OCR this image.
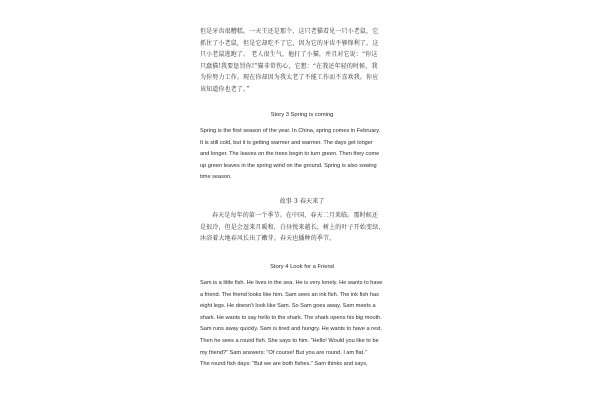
但是牙齿很糟糕。一天王还是那个，这只老猫看见一只小老鼠，它

抓住了小老鼠，但是它却吃不了它，因为它的牙齿不够锋利了。这

只小老鼠逃跑了。 老人很生气，他打了小猫，并且对它说：“你这

只蠢猫!我要惩罚你!”猫非常伤心，它想：“在我还年轻的时候，我

为你努力工作。现在你却因为我太老了不能工作而不喜欢我。你应

该知道你也老了。”

Story 3 Spring is coming

Spring is the first season of the year. In China, spring comes in February.

It is still cold, but it is getting warmer and warmer. The days get longer

and longer. The leaves on the trees begin to turn green. Then they come

up green leaves in the spring wind on the ground. Spring is also sowing

time season.

故事 3 春天来了

春天是每年的第一个季节。在中国，春天二月来临。那时候还

是很冷，但是会逗来月暖和，白昼悦来越长，树上的叶子开始变绿，

沐浴着大地春风长出了嫩芽。春天也播种的季节。

Story 4 Look for a Friend

Sam is a little fish. He lives in the sea. He is very lonely. He wants to have

a friend. The friend looks like him. Sam sees an ink fish. The ink fish has

eight legs. He doesn’t look like Sam. So Sam goes away. Sam meets a

shark. He wants to say hello to the shark. The shark opens his big mouth.

Sam runs away quickly. Sam is tired and hungry. He wants to have a rest.

Then he sees a round fish. She says to him. “Hello! Would you like to be

my friend?” Sam answers: “Of course! But you are round. I am flat.”

The round fish days: “But we are both fishes.” Sam thinks and says,
